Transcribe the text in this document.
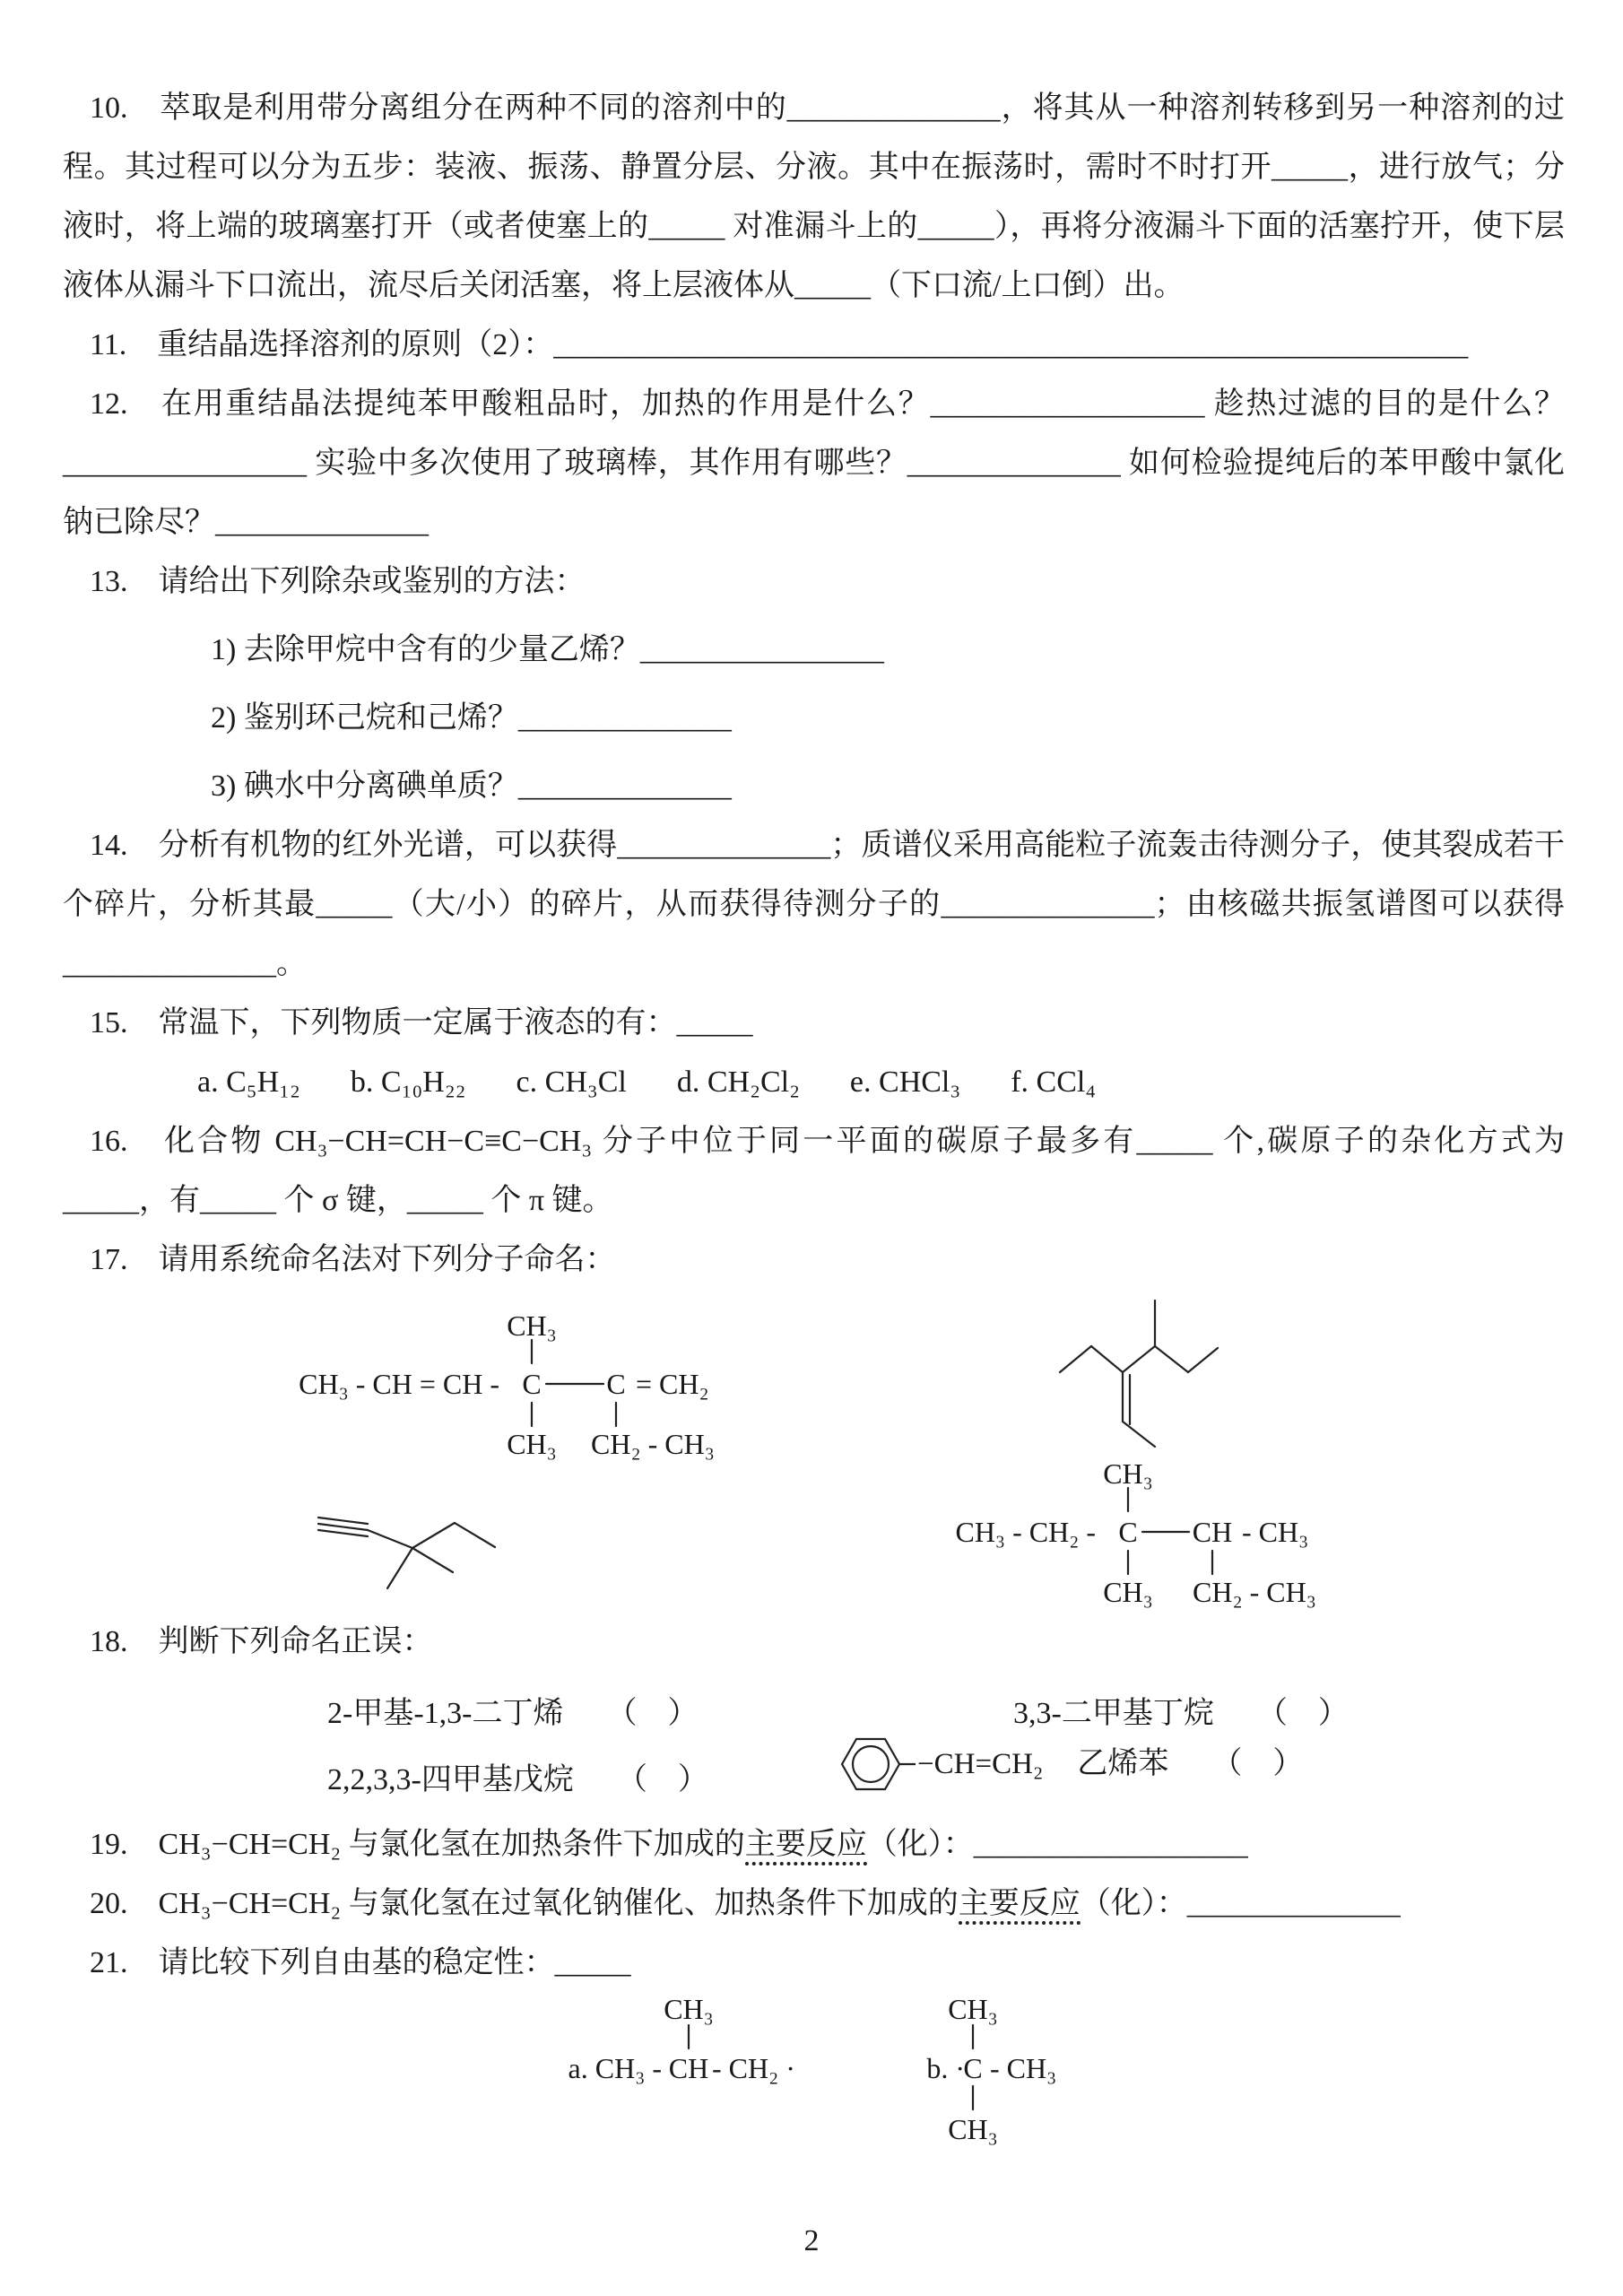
10.　萃取是利用带分离组分在两种不同的溶剂中的______________，将其从一种溶剂转移到另一种溶剂的过程。其过程可以分为五步：装液、振荡、静置分层、分液。其中在振荡时，需时不时打开_____，进行放气；分液时，将上端的玻璃塞打开（或者使塞上的_____ 对准漏斗上的_____），再将分液漏斗下面的活塞拧开，使下层液体从漏斗下口流出，流尽后关闭活塞，将上层液体从_____（下口流/上口倒）出。

11.　重结晶选择溶剂的原则（2）：____________________________________________________________

12.　在用重结晶法提纯苯甲酸粗品时，加热的作用是什么？__________________ 趁热过滤的目的是什么？________________ 实验中多次使用了玻璃棒，其作用有哪些？______________ 如何检验提纯后的苯甲酸中氯化钠已除尽？______________

13.　请给出下列除杂或鉴别的方法：

1) 去除甲烷中含有的少量乙烯？________________

2) 鉴别环己烷和己烯？______________

3) 碘水中分离碘单质？______________

14.　分析有机物的红外光谱，可以获得______________；质谱仪采用高能粒子流轰击待测分子，使其裂成若干个碎片，分析其最_____（大/小）的碎片，从而获得待测分子的______________；由核磁共振氢谱图可以获得______________。

15.　常温下，下列物质一定属于液态的有：_____

a. C₅H₁₂ b. C₁₀H₂₂ c. CH₃Cl d. CH₂Cl₂ e. CHCl₃ f. CCl₄

16.　化合物 CH₃−CH=CH−C≡C−CH₃ 分子中位于同一平面的碳原子最多有_____ 个,碳原子的杂化方式为_____，有_____ 个 σ 键，_____ 个 π 键。

17.　请用系统命名法对下列分子命名：

CH₃
CH₃ - CH = CH - C C = CH₂
CH₃ CH₂ - CH₃
CH₃
CH₃ - CH₂ - C CH - CH₃
CH₃ CH₂ - CH₃

18.　判断下列命名正误：

2-甲基-1,3-二丁烯 （　）	3,3-二甲基丁烷 （　）
2,2,3,3-四甲基戊烷 （　）	−CH=CH₂ 乙烯苯 （　）

19.　CH₃−CH=CH₂ 与氯化氢在加热条件下加成的主要反应（化）：__________________

20.　CH₃−CH=CH₂ 与氯化氢在过氧化钠催化、加热条件下加成的主要反应（化）：______________

21.　请比较下列自由基的稳定性：_____

CH₃
a. CH₃ - CH - CH₂ ·
CH₃
b. ·
C - CH₃
CH₃
2
